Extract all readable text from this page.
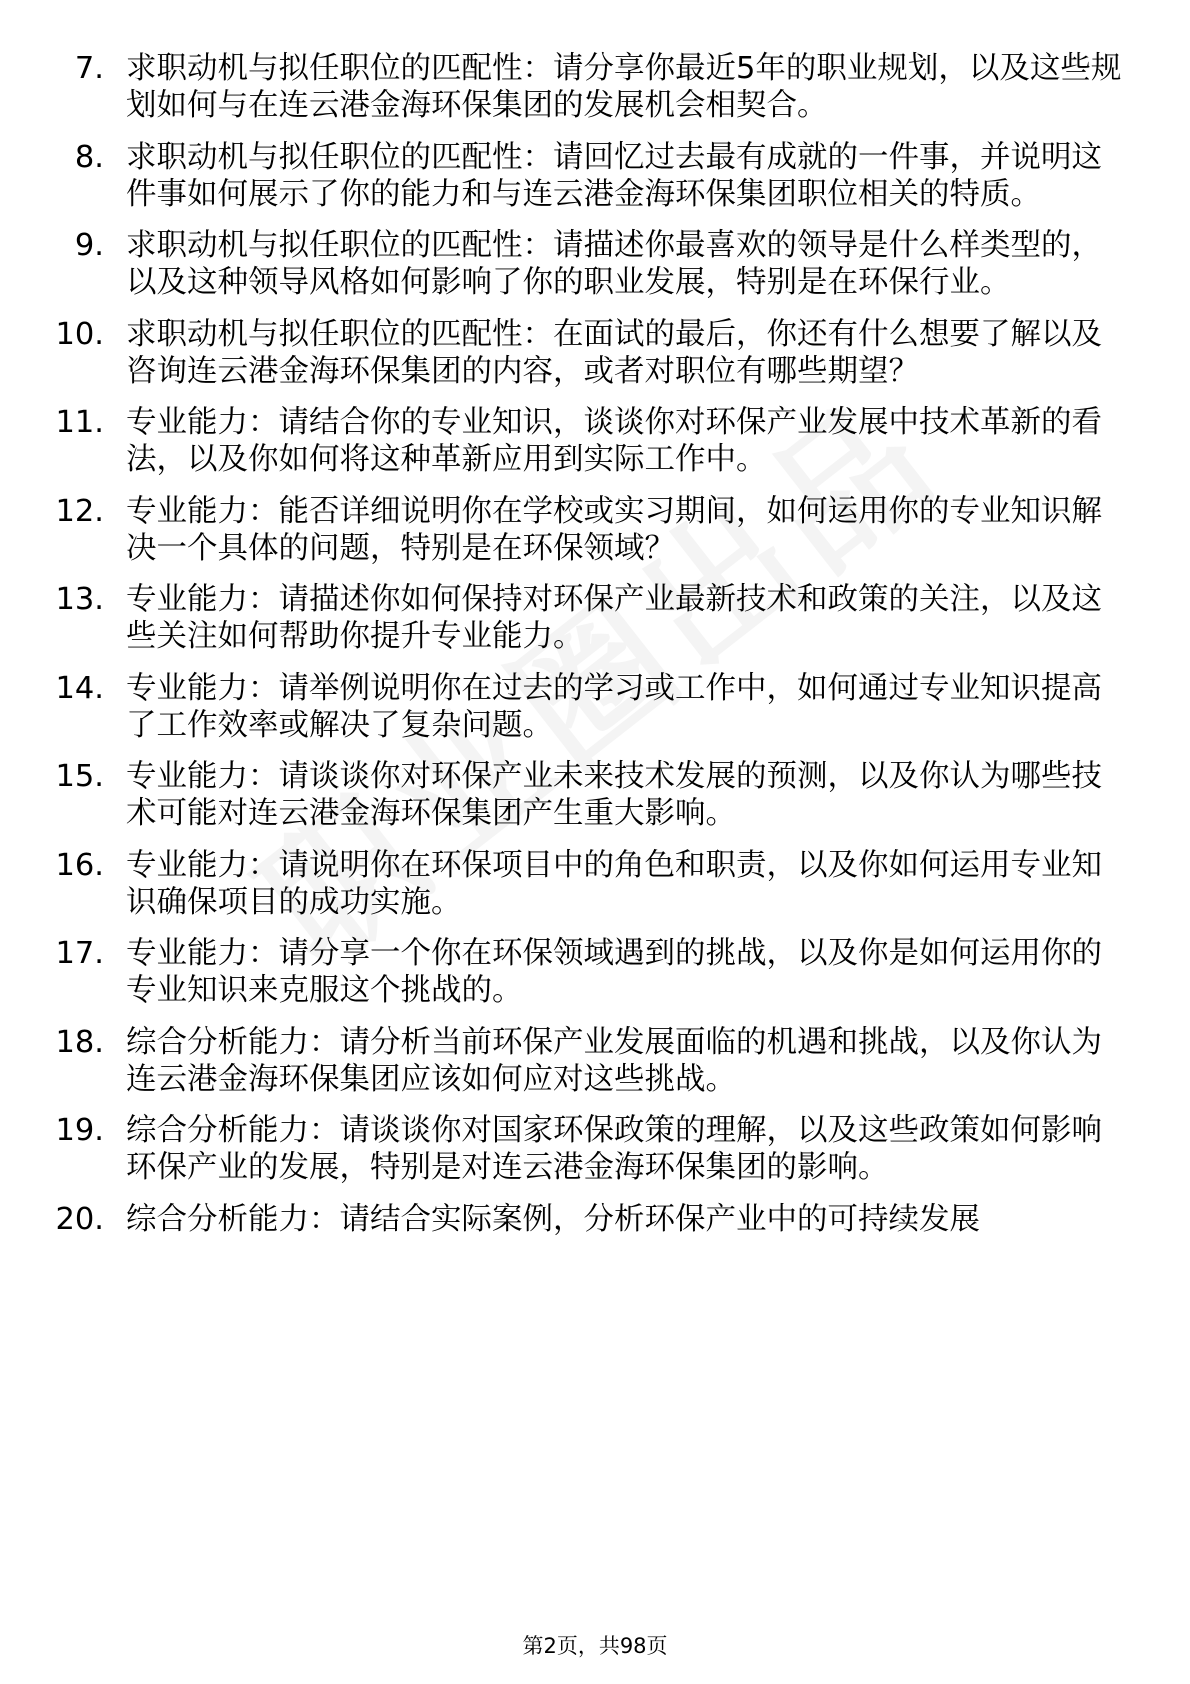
7. 求职动机与拟任职位的匹配性：请分享你最近5年的职业规划，以及这些规划如何与在连云港金海环保集团的发展机会相契合。
8. 求职动机与拟任职位的匹配性：请回忆过去最有成就的一件事，并说明这件事如何展示了你的能力和与连云港金海环保集团职位相关的特质。
9. 求职动机与拟任职位的匹配性：请描述你最喜欢的领导是什么样类型的，以及这种领导风格如何影响了你的职业发展，特别是在环保行业。
10. 求职动机与拟任职位的匹配性：在面试的最后，你还有什么想要了解以及咨询连云港金海环保集团的内容，或者对职位有哪些期望？
11. 专业能力：请结合你的专业知识，谈谈你对环保产业发展中技术革新的看法，以及你如何将这种革新应用到实际工作中。
12. 专业能力：能否详细说明你在学校或实习期间，如何运用你的专业知识解决一个具体的问题，特别是在环保领域？
13. 专业能力：请描述你如何保持对环保产业最新技术和政策的关注，以及这些关注如何帮助你提升专业能力。
14. 专业能力：请举例说明你在过去的学习或工作中，如何通过专业知识提高了工作效率或解决了复杂问题。
15. 专业能力：请谈谈你对环保产业未来技术发展的预测，以及你认为哪些技术可能对连云港金海环保集团产生重大影响。
16. 专业能力：请说明你在环保项目中的角色和职责，以及你如何运用专业知识确保项目的成功实施。
17. 专业能力：请分享一个你在环保领域遇到的挑战，以及你是如何运用你的专业知识来克服这个挑战的。
18. 综合分析能力：请分析当前环保产业发展面临的机遇和挑战，以及你认为连云港金海环保集团应该如何应对这些挑战。
19. 综合分析能力：请谈谈你对国家环保政策的理解，以及这些政策如何影响环保产业的发展，特别是对连云港金海环保集团的影响。
20. 综合分析能力：请结合实际案例，分析环保产业中的可持续发展
第2页，共98页
